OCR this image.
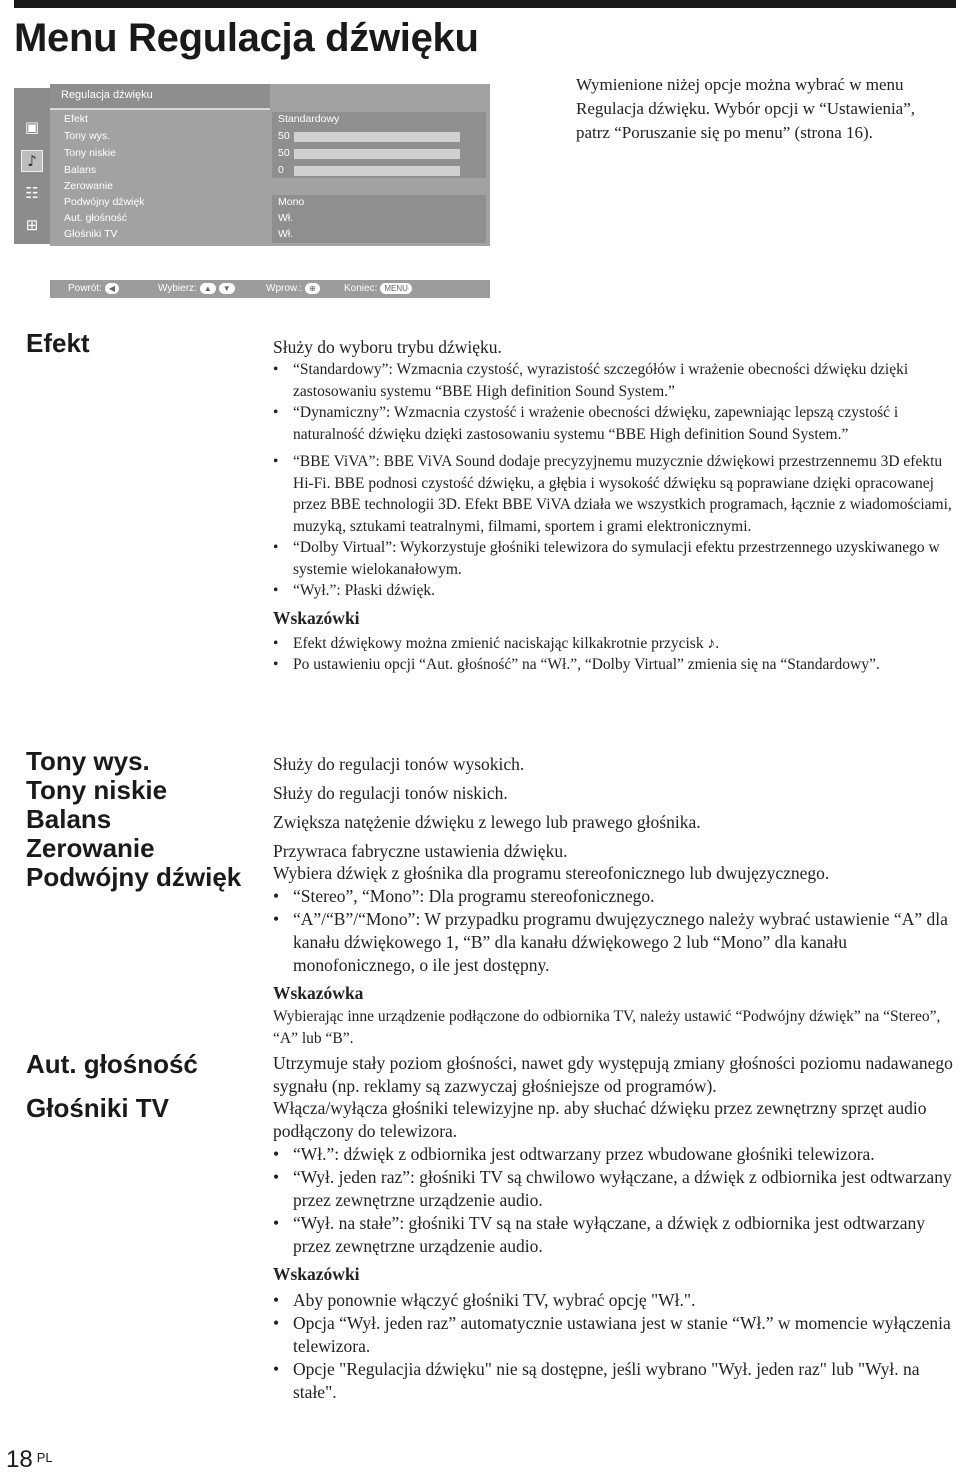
Menu Regulacja dźwięku
Wymienione niżej opcje można wybrać w menu Regulacja dźwięku. Wybór opcji w “Ustawienia”, patrz “Poruszanie się po menu” (strona 16).
▣
♪
☷
⊞
Regulacja dźwięku
Efekt	Standardowy
Tony wys.	50
Tony niskie	50
Balans	0
Zerowanie
Podwójny dźwięk	Mono
Aut. głośność	Wł.
Głośniki TV	Wł.
Powrót: ◀	Wybierz: ▲ ▼	Wprow.: ⊕	Koniec: MENU
Efekt
Tony wys.
Tony niskie
Balans
Zerowanie
Podwójny dźwięk
Aut. głośność
Głośniki TV

Służy do wyboru trybu dźwięku.

• “Standardowy”: Wzmacnia czystość, wyrazistość szczegółów i wrażenie obecności dźwięku dzięki zastosowaniu systemu “BBE High definition Sound System.”

• “Dynamiczny”: Wzmacnia czystość i wrażenie obecności dźwięku, zapewniając lepszą czystość i naturalność dźwięku dzięki zastosowaniu systemu “BBE High definition Sound System.”

• “BBE ViVA”: BBE ViVA Sound dodaje precyzyjnemu muzycznie dźwiękowi przestrzennemu 3D efektu Hi-Fi. BBE podnosi czystość dźwięku, a głębia i wysokość dźwięku są poprawiane dzięki opracowanej przez BBE technologii 3D. Efekt BBE ViVA działa we wszystkich programach, łącznie z wiadomościami, muzyką, sztukami teatralnymi, filmami, sportem i grami elektronicznymi.

• “Dolby Virtual”: Wykorzystuje głośniki telewizora do symulacji efektu przestrzennego uzyskiwanego w systemie wielokanałowym.

• “Wył.”: Płaski dźwięk.

Wskazówki

• Efekt dźwiękowy można zmienić naciskając kilkakrotnie przycisk ♪.

• Po ustawieniu opcji “Aut. głośność” na “Wł.”, “Dolby Virtual” zmienia się na “Standardowy”.

Służy do regulacji tonów wysokich.

Służy do regulacji tonów niskich.

Zwiększa natężenie dźwięku z lewego lub prawego głośnika.

Przywraca fabryczne ustawienia dźwięku.

Wybiera dźwięk z głośnika dla programu stereofonicznego lub dwujęzycznego.

• “Stereo”, “Mono”: Dla programu stereofonicznego.

• “A”/“B”/“Mono”: W przypadku programu dwujęzycznego należy wybrać ustawienie “A” dla kanału dźwiękowego 1, “B” dla kanału dźwiękowego 2 lub “Mono” dla kanału monofonicznego, o ile jest dostępny.

Wskazówka

Wybierając inne urządzenie podłączone do odbiornika TV, należy ustawić “Podwójny dźwięk” na “Stereo”, “A” lub “B”.

Utrzymuje stały poziom głośności, nawet gdy występują zmiany głośności poziomu nadawanego sygnału (np. reklamy są zazwyczaj głośniejsze od programów).

Włącza/wyłącza głośniki telewizyjne np. aby słuchać dźwięku przez zewnętrzny sprzęt audio podłączony do telewizora.

• “Wł.”: dźwięk z odbiornika jest odtwarzany przez wbudowane głośniki telewizora.

• “Wył. jeden raz”: głośniki TV są chwilowo wyłączane, a dźwięk z odbiornika jest odtwarzany przez zewnętrzne urządzenie audio.

• “Wył. na stałe”: głośniki TV są na stałe wyłączane, a dźwięk z odbiornika jest odtwarzany przez zewnętrzne urządzenie audio.

Wskazówki

• Aby ponownie włączyć głośniki TV, wybrać opcję "Wł.".

• Opcja “Wył. jeden raz” automatycznie ustawiana jest w stanie “Wł.” w momencie wyłączenia telewizora.

• Opcje "Regulacjia dźwięku" nie są dostępne, jeśli wybrano "Wył. jeden raz" lub "Wył. na stałe".

18 $^{PL}$
